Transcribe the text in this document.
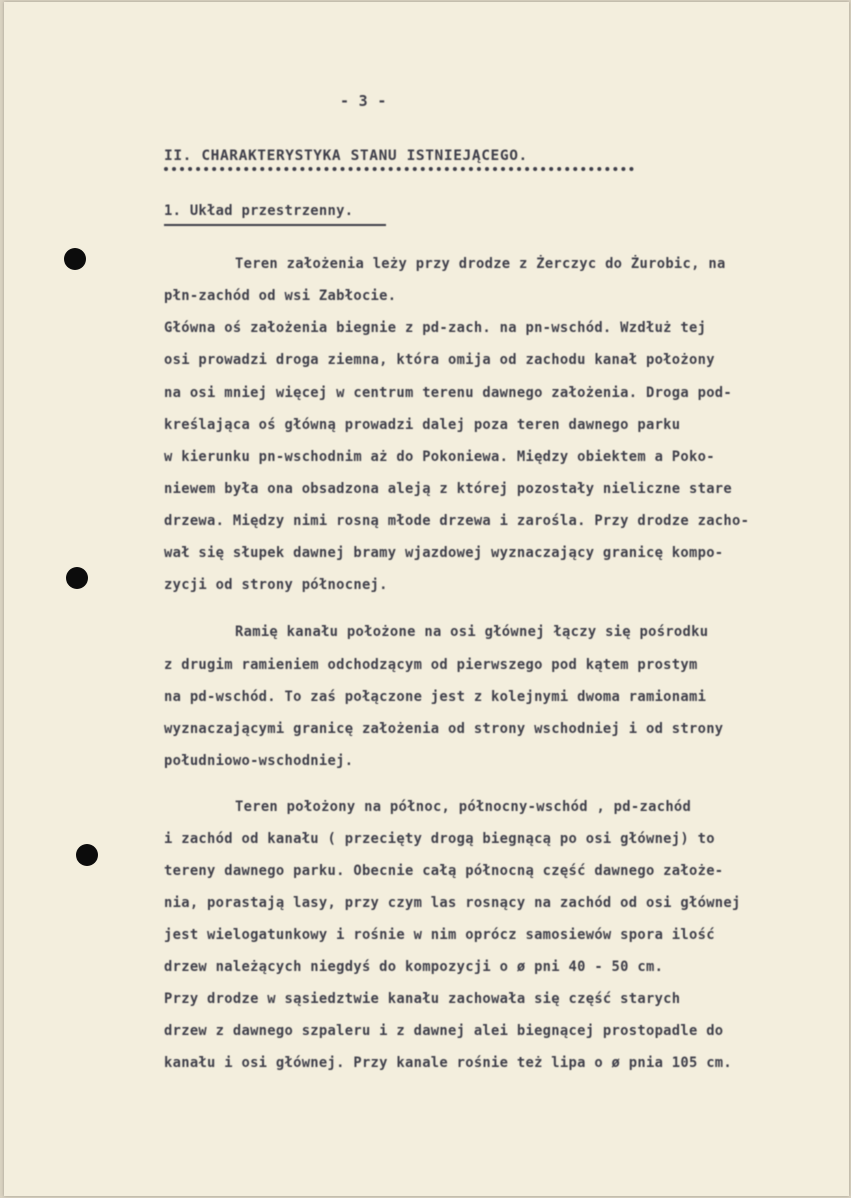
- 3 -

II. CHARAKTERYSTYKA STANU ISTNIEJĄCEGO.

1. Układ przestrzenny.

Teren założenia leży przy drodze z Żerczyc do Żurobic, na

płn-zachód od wsi Zabłocie.

Główna oś założenia biegnie z pd-zach. na pn-wschód. Wzdłuż tej

osi prowadzi droga ziemna, która omija od zachodu kanał położony

na osi mniej więcej w centrum terenu dawnego założenia. Droga pod-

kreślająca oś główną prowadzi dalej poza teren dawnego parku

w kierunku pn-wschodnim aż do Pokoniewa. Między obiektem a Poko-

niewem była ona obsadzona aleją z której pozostały nieliczne stare

drzewa. Między nimi rosną młode drzewa i zarośla. Przy drodze zacho-

wał się słupek dawnej bramy wjazdowej wyznaczający granicę kompo-

zycji od strony północnej.

Ramię kanału położone na osi głównej łączy się pośrodku

z drugim ramieniem odchodzącym od pierwszego pod kątem prostym

na pd-wschód. To zaś połączone jest z kolejnymi dwoma ramionami

wyznaczającymi granicę założenia od strony wschodniej i od strony

południowo-wschodniej.

Teren położony na północ, północny-wschód , pd-zachód

i zachód od kanału ( przecięty drogą biegnącą po osi głównej) to

tereny dawnego parku. Obecnie całą północną część dawnego założe-

nia, porastają lasy, przy czym las rosnący na zachód od osi głównej

jest wielogatunkowy i rośnie w nim oprócz samosiewów spora ilość

drzew należących niegdyś do kompozycji o ø pni 40 - 50 cm.

Przy drodze w sąsiedztwie kanału zachowała się część starych

drzew z dawnego szpaleru i z dawnej alei biegnącej prostopadle do

kanału i osi głównej. Przy kanale rośnie też lipa o ø pnia 105 cm.
